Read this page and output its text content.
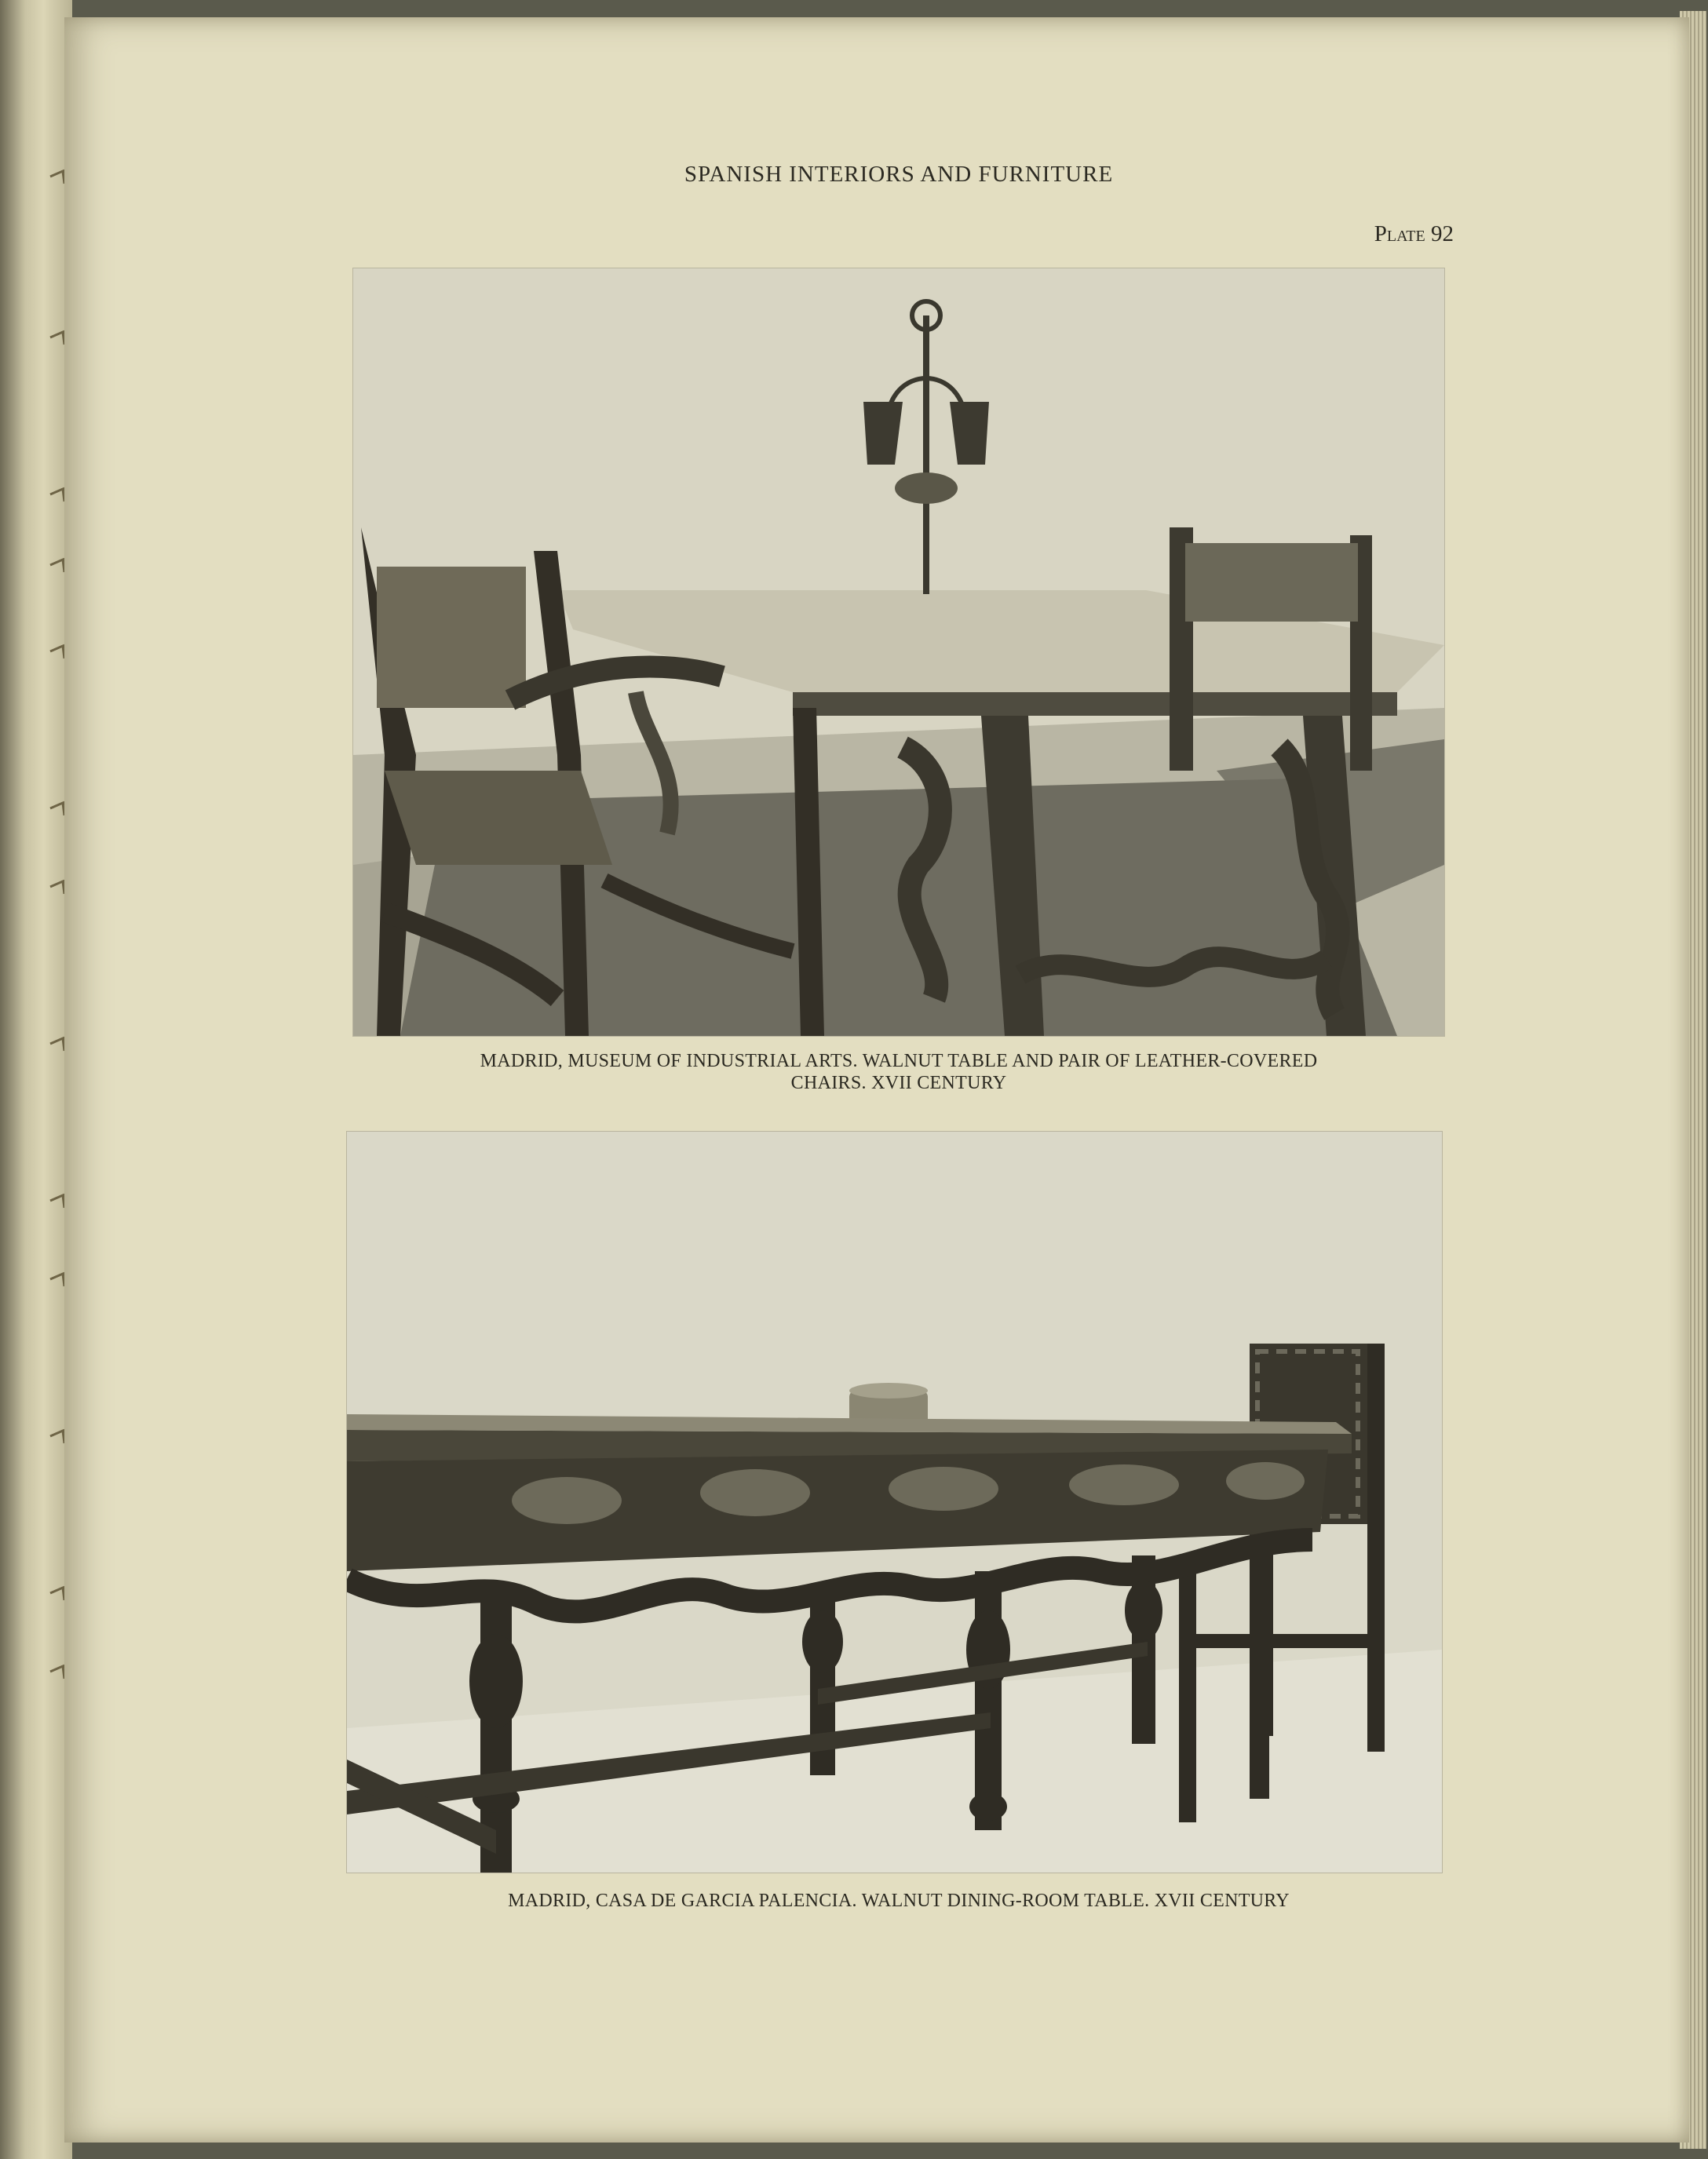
SPANISH INTERIORS AND FURNITURE
Plate 92
MADRID, MUSEUM OF INDUSTRIAL ARTS. WALNUT TABLE AND PAIR OF LEATHER-COVERED
CHAIRS. XVII CENTURY
MADRID, CASA DE GARCIA PALENCIA. WALNUT DINING-ROOM TABLE. XVII CENTURY
